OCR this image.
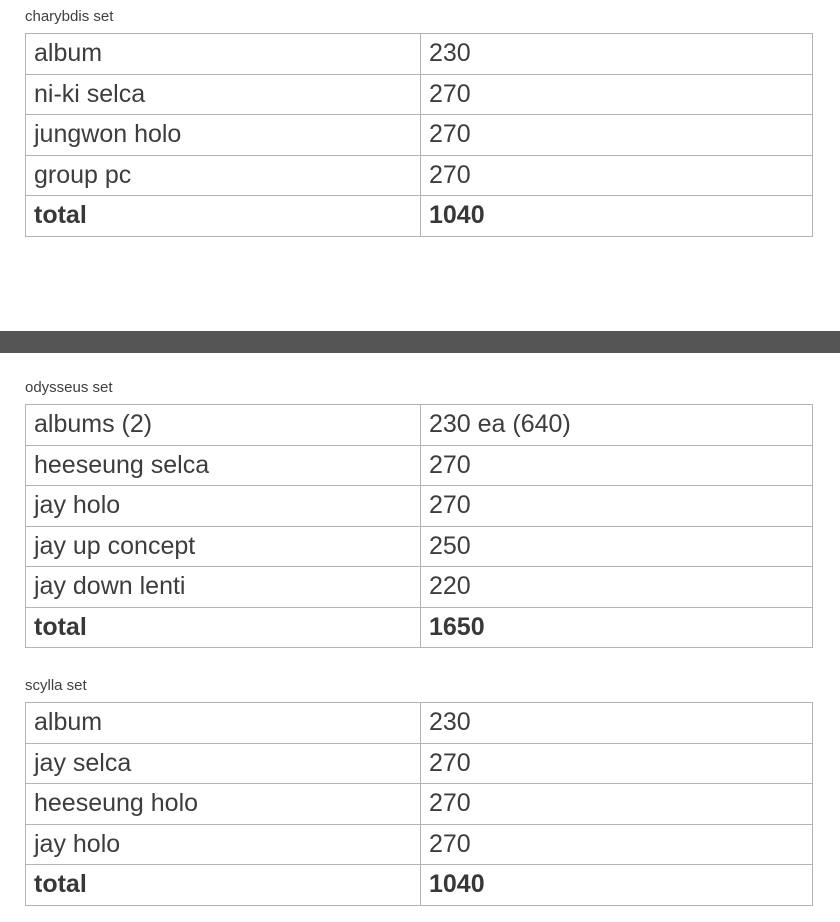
charybdis set
album	230
ni-ki selca	270
jungwon holo	270
group pc	270
total	1040
odysseus set
albums (2)	230 ea (640)
heeseung selca	270
jay holo	270
jay up concept	250
jay down lenti	220
total	1650
scylla set
album	230
jay selca	270
heeseung holo	270
jay holo	270
total	1040
